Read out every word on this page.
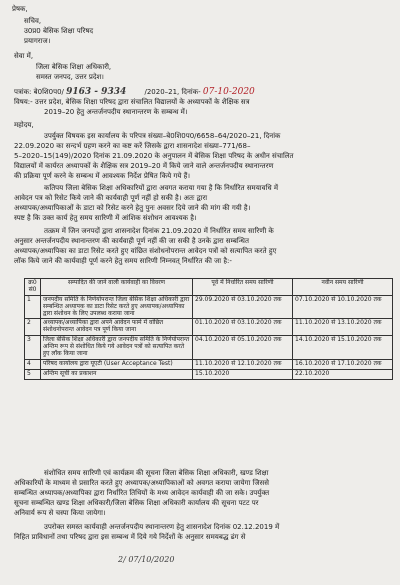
प्रेषक,
सचिव,
उ0प्र0 बेसिक शिक्षा परिषद
प्रयागराज।
सेवा में,
जिला बेसिक शिक्षा अधिकारी,
समस्त जनपद, उत्तर प्रदेश।
पत्रांक: बे0शि0प0/ 9163 - 9334	/2020–21, दिनांक- 07-10-2020
विषय:- उत्तर प्रदेश, बेसिक शिक्षा परिषद द्वारा संचालित विद्यालयों के अध्यापकों के शैक्षिक सत्र
2019–20 हेतु अन्तर्जनपदीय स्थानान्तरण के सम्बन्ध में।
महोदय,
उपर्युक्त विषयक इस कार्यालय के परिपत्र संख्या–बे0शि0प0/6658–64/2020–21, दिनांक
22.09.2020 का सन्दर्भ ग्रहण करने का कष्ट करें जिसके द्वारा शासनादेश संख्या–771/68–
5–2020–15(149)/2020 दिनांक 21.09.2020 के अनुपालन में बेसिक शिक्षा परिषद के अधीन संचालित
विद्यालयों में कार्यरत अध्यापकों के शैक्षिक सत्र 2019–20 में किये जाने वाले अन्तर्जनपदीय स्थानान्तरण
की प्रक्रिया पूर्ण करने के सम्बन्ध में आवश्यक निर्देश प्रेषित किये गये हैं।
कतिपय जिला बेसिक शिक्षा अधिकारियों द्वारा अवगत कराया गया है कि निर्धारित समयावधि में
आवेदन पत्र को रिसेट किये जाने की कार्यवाही पूर्ण नहीं हो सकी है। अतः द्वारा
अध्यापक/अध्यापिकाओं के डाटा को रिसेट करने हेतु पुनः अवसर दिये जाने की मांग की गयी है।
स्पष्ट है कि उक्त कार्य हेतु समय सारिणी में आंशिक संशोधन आवश्यक है।
तत्क्रम में जिन जनपदों द्वारा शासनादेश दिनांक 21.09.2020 में निर्धारित समय सारिणी के
अनुसार अन्तर्जनपदीय स्थानान्तरण की कार्यवाही पूर्ण नहीं की जा सकी है उनके द्वारा सम्बन्धित
अध्यापक/अध्यापिका का डाटा रिसेट करते हुए वांछित संशोधनोपरान्त आवेदन पत्रों को सत्यापित करते हुए
लॉक किये जाने की कार्यवाही पूर्ण करने हेतु समय सारिणी निम्नवत् निर्धारित की जा है:-
क्र0 सं0	सम्पादित की जाने वाली कार्यवाही का विवरण	पूर्व में निर्धारित समय सारिणी	नवीन समय सारिणी
1	जनपदीय समिति के निर्णयोपरान्त जिला बेसिक शिक्षा अधिकारी द्वारा सम्बन्धित अध्यापक का डाटा रिसेट करते हुए अध्यापक/अध्यापिका द्वारा संशोधन के लिए उपलब्ध कराया जाना	29.09.2020 से 03.10.2020 तक	07.10.2020 से 10.10.2020 तक
2	अध्यापक/अध्यापिका द्वारा अपने आवेदन फार्म में वांछित संशोधनोपरान्त आवेदन पत्र पूर्ण किया जाना	01.10.2020 से 03.10.2020 तक	11.10.2020 से 13.10.2020 तक
3	जिला बेसिक शिक्षा अधिकारी द्वारा जनपदीय समिति के निर्णयोपरान्त अन्तिम रूप से संशोधित किये गये आवेदन पत्रों को सत्यापित करते हुए लॉक किया जाना	04.10.2020 से 05.10.2020 तक	14.10.2020 से 15.10.2020 तक
4	परिषद कार्यालय द्वारा यूएटी (User Acceptance Test)	11.10.2020 से 12.10.2020 तक	16.10.2020 से 17.10.2020 तक
5	अन्तिम सूची का प्रकाशन	15.10.2020	22.10.2020
संशोधित समय सारिणी एवं कार्यक्रम की सूचना जिला बेसिक शिक्षा अधिकारी, खण्ड शिक्षा
अधिकारियों के माध्यम से प्रसारित करते हुए अध्यापक/अध्यापिकाओं को अवगत कराया जायेगा जिससे
सम्बन्धित अध्यापक/अध्यापिका द्वारा निर्धारित तिथियों के मध्य आवेदन कार्यवाही की जा सके। उपर्युक्त
सूचना सम्बन्धित खण्ड शिक्षा अधिकारी/जिला बेसिक शिक्षा अधिकारी कार्यालय की सूचना पटट पर
अनिवार्य रूप से चस्पा किया जायेगा।
उपरोक्त समस्त कार्यवाही अन्तर्जनपदीय स्थानान्तरण हेतु शासनादेश दिनांक 02.12.2019 में
निहित प्राविधानों तथा परिषद द्वारा इस सम्बन्ध में दिये गये निर्देशों के अनुसार समयबद्ध ढंग से
2/ 07/10/2020
